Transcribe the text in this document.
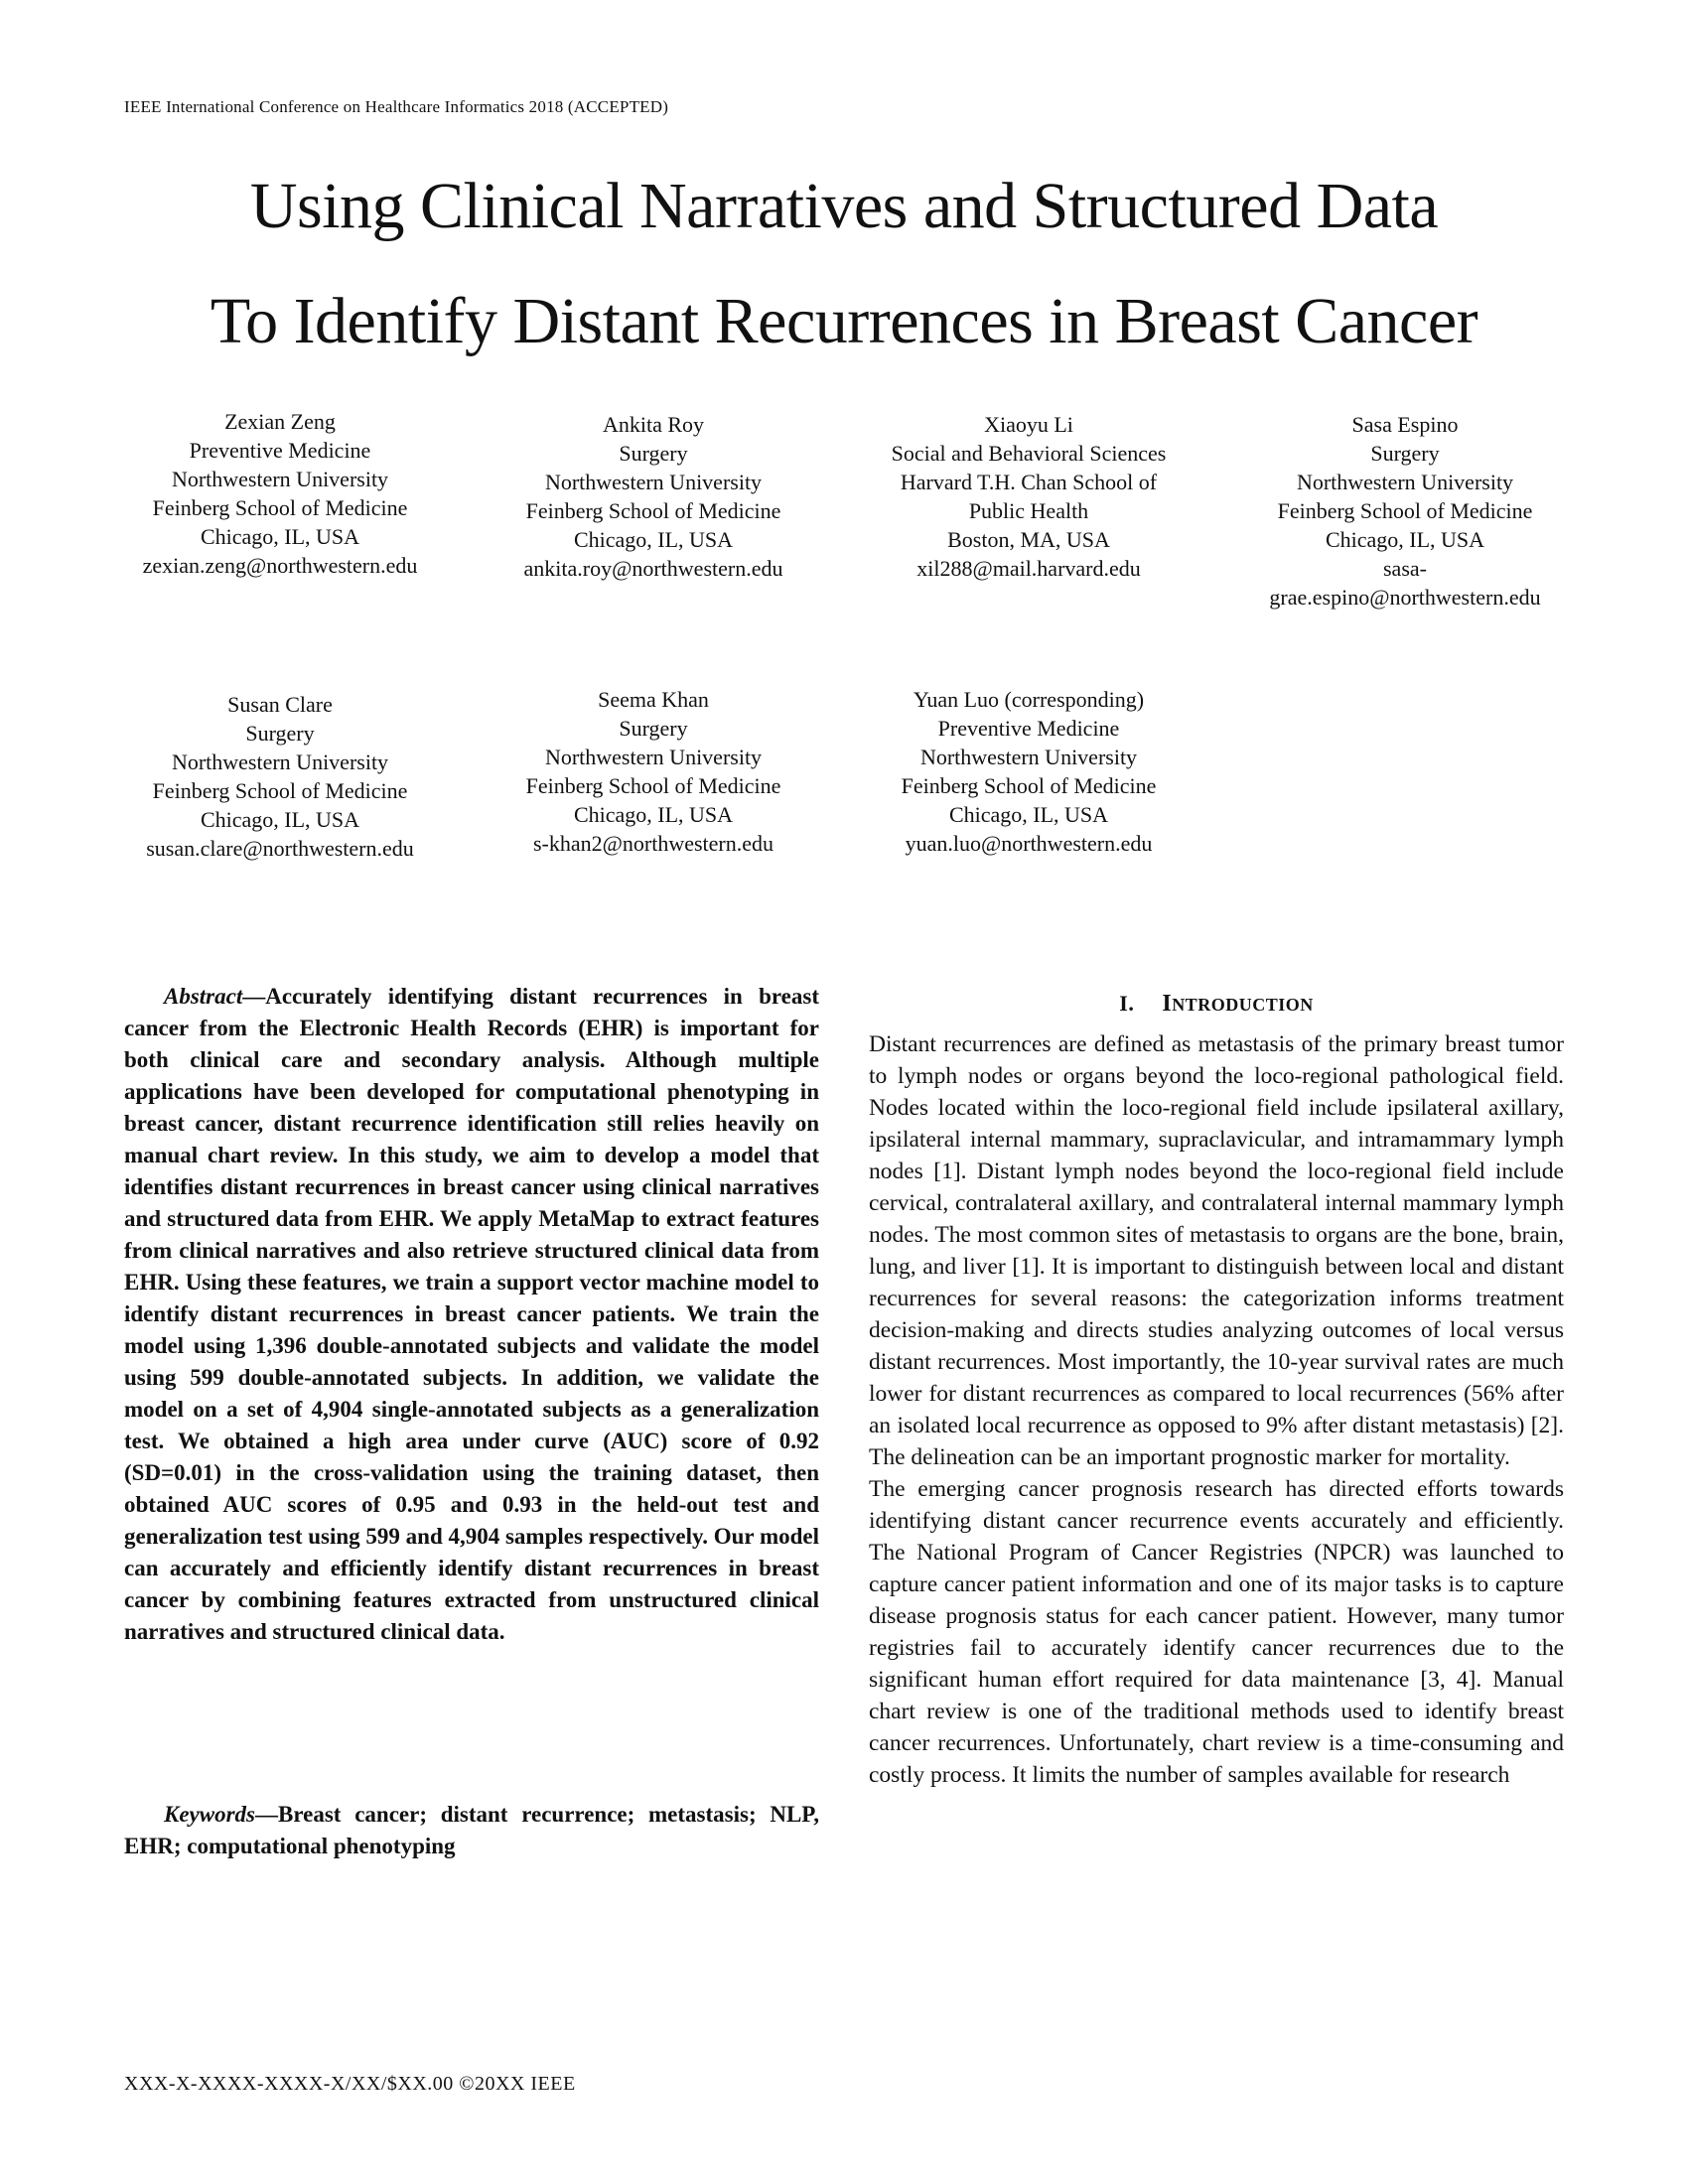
IEEE International Conference on Healthcare Informatics 2018 (ACCEPTED)
Using Clinical Narratives and Structured Data
To Identify Distant Recurrences in Breast Cancer
Zexian Zeng
Preventive Medicine
Northwestern University
Feinberg School of Medicine
Chicago, IL, USA
zexian.zeng@northwestern.edu
Ankita Roy
Surgery
Northwestern University
Feinberg School of Medicine
Chicago, IL, USA
ankita.roy@northwestern.edu
Xiaoyu Li
Social and Behavioral Sciences
Harvard T.H. Chan School of
Public Health
Boston, MA, USA
xil288@mail.harvard.edu
Sasa Espino
Surgery
Northwestern University
Feinberg School of Medicine
Chicago, IL, USA
sasa-
grae.espino@northwestern.edu
Susan Clare
Surgery
Northwestern University
Feinberg School of Medicine
Chicago, IL, USA
susan.clare@northwestern.edu
Seema Khan
Surgery
Northwestern University
Feinberg School of Medicine
Chicago, IL, USA
s-khan2@northwestern.edu
Yuan Luo (corresponding)
Preventive Medicine
Northwestern University
Feinberg School of Medicine
Chicago, IL, USA
yuan.luo@northwestern.edu

Abstract—Accurately identifying distant recurrences in breast cancer from the Electronic Health Records (EHR) is important for both clinical care and secondary analysis. Although multiple applications have been developed for computational phenotyping in breast cancer, distant recurrence identification still relies heavily on manual chart review. In this study, we aim to develop a model that identifies distant recurrences in breast cancer using clinical narratives and structured data from EHR. We apply MetaMap to extract features from clinical narratives and also retrieve structured clinical data from EHR. Using these features, we train a support vector machine model to identify distant recurrences in breast cancer patients. We train the model using 1,396 double-annotated subjects and validate the model using 599 double-annotated subjects. In addition, we validate the model on a set of 4,904 single-annotated subjects as a generalization test. We obtained a high area under curve (AUC) score of 0.92 (SD=0.01) in the cross-validation using the training dataset, then obtained AUC scores of 0.95 and 0.93 in the held-out test and generalization test using 599 and 4,904 samples respectively. Our model can accurately and efficiently identify distant recurrences in breast cancer by combining features extracted from unstructured clinical narratives and structured clinical data.

Keywords—Breast cancer; distant recurrence; metastasis; NLP, EHR; computational phenotyping

I. INTRODUCTION

Distant recurrences are defined as metastasis of the primary breast tumor to lymph nodes or organs beyond the loco-regional pathological field. Nodes located within the loco-regional field include ipsilateral axillary, ipsilateral internal mammary, supraclavicular, and intramammary lymph nodes [1]. Distant lymph nodes beyond the loco-regional field include cervical, contralateral axillary, and contralateral internal mammary lymph nodes. The most common sites of metastasis to organs are the bone, brain, lung, and liver [1]. It is important to distinguish between local and distant recurrences for several reasons: the categorization informs treatment decision-making and directs studies analyzing outcomes of local versus distant recurrences. Most importantly, the 10-year survival rates are much lower for distant recurrences as compared to local recurrences (56% after an isolated local recurrence as opposed to 9% after distant metastasis) [2]. The delineation can be an important prognostic marker for mortality.

The emerging cancer prognosis research has directed efforts towards identifying distant cancer recurrence events accurately and efficiently. The National Program of Cancer Registries (NPCR) was launched to capture cancer patient information and one of its major tasks is to capture disease prognosis status for each cancer patient. However, many tumor registries fail to accurately identify cancer recurrences due to the significant human effort required for data maintenance [3, 4]. Manual chart review is one of the traditional methods used to identify breast cancer recurrences. Unfortunately, chart review is a time-consuming and costly process. It limits the number of samples available for research

XXX-X-XXXX-XXXX-X/XX/$XX.00 ©20XX IEEE
